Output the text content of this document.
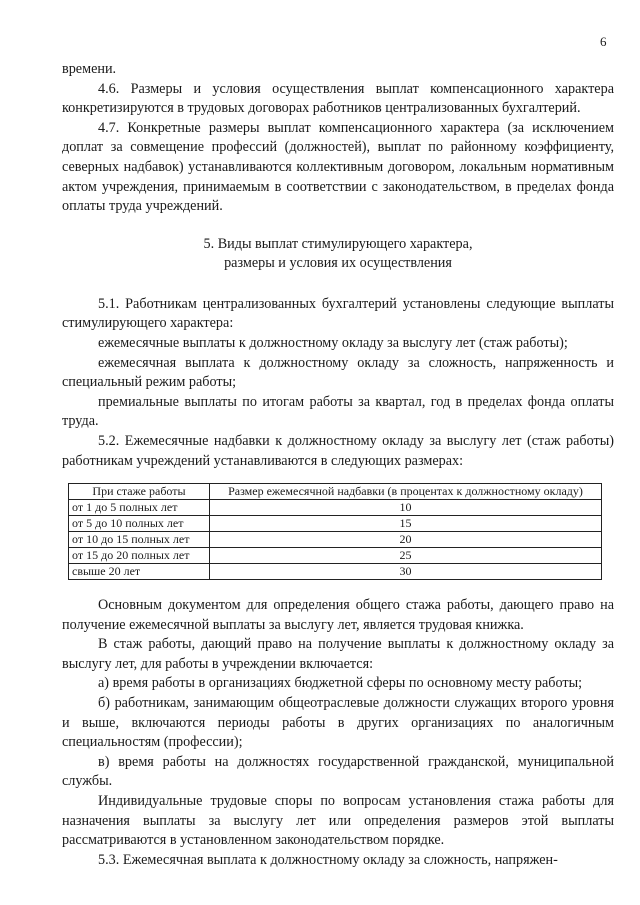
6

времени.

4.6. Размеры и условия осуществления выплат компенсационного характера конкретизируются в трудовых договорах работников централизованных бухгалтерий.

4.7. Конкретные размеры выплат компенсационного характера (за исключением доплат за совмещение профессий (должностей), выплат по районному коэффициенту, северных надбавок) устанавливаются коллективным договором, локальным нормативным актом учреждения, принимаемым в соответствии с законодательством, в пределах фонда оплаты труда учреждений.

5. Виды выплат стимулирующего характера,
размеры и условия их осуществления

5.1. Работникам централизованных бухгалтерий установлены следующие выплаты стимулирующего характера:

ежемесячные выплаты к должностному окладу за выслугу лет (стаж работы);

ежемесячная выплата к должностному окладу за сложность, напряженность и специальный режим работы;

премиальные выплаты по итогам работы за квартал, год в пределах фонда оплаты труда.

5.2. Ежемесячные надбавки к должностному окладу за выслугу лет (стаж работы) работникам учреждений устанавливаются в следующих размерах:

При стаже работы	Размер ежемесячной надбавки (в процентах к должностному окладу)
от 1 до 5 полных лет	10
от 5 до 10 полных лет	15
от 10 до 15 полных лет	20
от 15 до 20 полных лет	25
свыше 20 лет	30

Основным документом для определения общего стажа работы, дающего право на получение ежемесячной выплаты за выслугу лет, является трудовая книжка.

В стаж работы, дающий право на получение выплаты к должностному окладу за выслугу лет, для работы в учреждении включается:

а) время работы в организациях бюджетной сферы по основному месту работы;

б) работникам, занимающим общеотраслевые должности служащих второго уровня и выше, включаются периоды работы в других организациях по аналогичным специальностям (профессии);

в) время работы на должностях государственной гражданской, муниципальной службы.

Индивидуальные трудовые споры по вопросам установления стажа работы для назначения выплаты за выслугу лет или определения размеров этой выплаты рассматриваются в установленном законодательством порядке.

5.3. Ежемесячная выплата к должностному окладу за сложность, напряжен-
